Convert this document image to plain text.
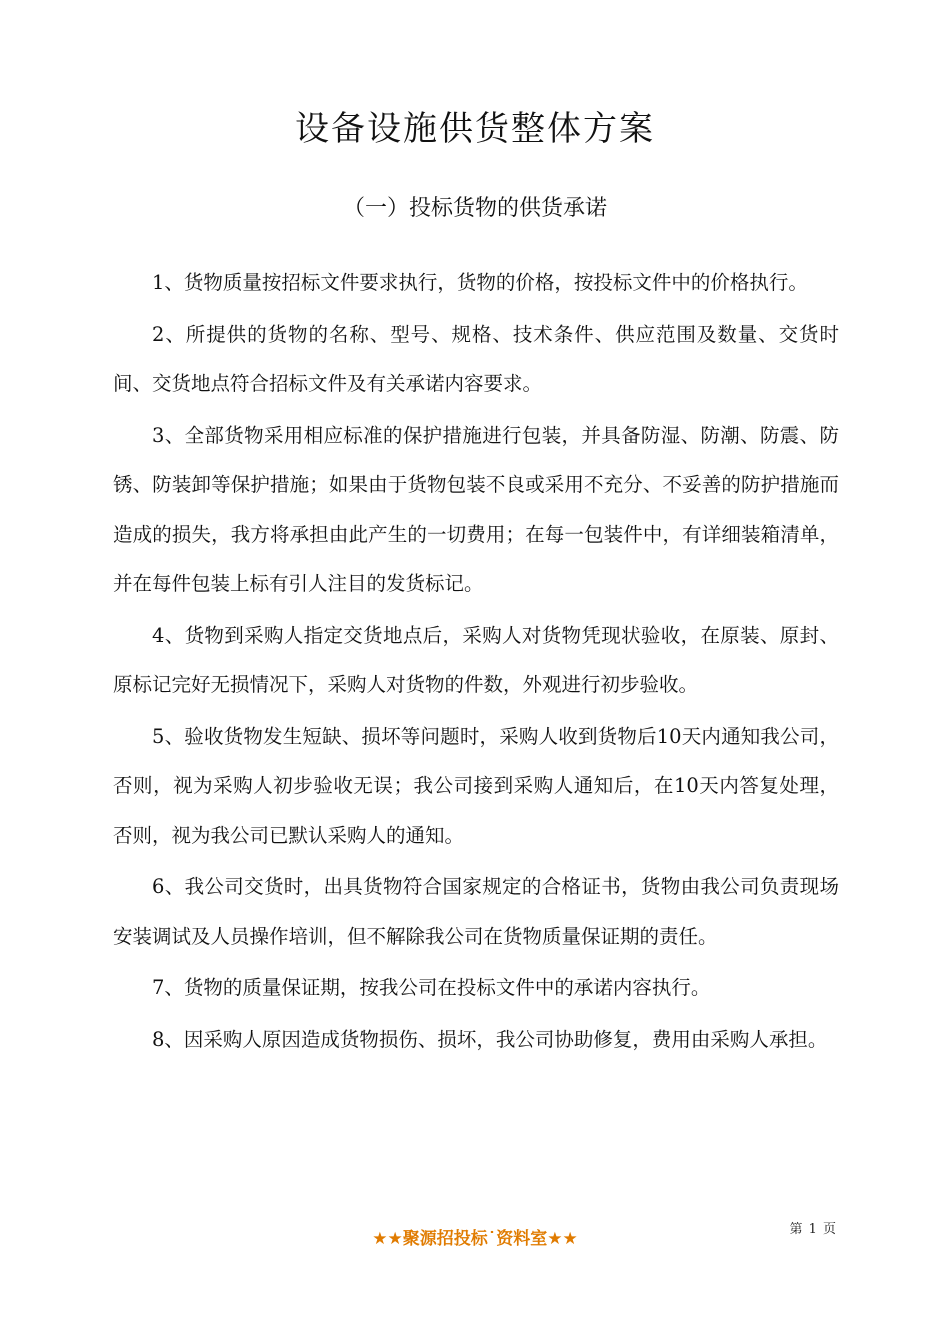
设备设施供货整体方案
（一）投标货物的供货承诺

1、货物质量按招标文件要求执行，货物的价格，按投标文件中的价格执行。

2、所提供的货物的名称、型号、规格、技术条件、供应范围及数量、交货时间、交货地点符合招标文件及有关承诺内容要求。

3、全部货物采用相应标准的保护措施进行包装，并具备防湿、防潮、防震、防锈、防装卸等保护措施；如果由于货物包装不良或采用不充分、不妥善的防护措施而造成的损失，我方将承担由此产生的一切费用；在每一包装件中，有详细装箱清单，并在每件包装上标有引人注目的发货标记。

4、货物到采购人指定交货地点后，采购人对货物凭现状验收，在原装、原封、原标记完好无损情况下，采购人对货物的件数，外观进行初步验收。

5、验收货物发生短缺、损坏等问题时，采购人收到货物后10天内通知我公司，否则，视为采购人初步验收无误；我公司接到采购人通知后，在10天内答复处理，否则，视为我公司已默认采购人的通知。

6、我公司交货时，出具货物符合国家规定的合格证书，货物由我公司负责现场安装调试及人员操作培训，但不解除我公司在货物质量保证期的责任。

7、货物的质量保证期，按我公司在投标文件中的承诺内容执行。

8、因采购人原因造成货物损伤、损坏，我公司协助修复，费用由采购人承担。

第 1 页
★★聚源招投标˙资料室★★
